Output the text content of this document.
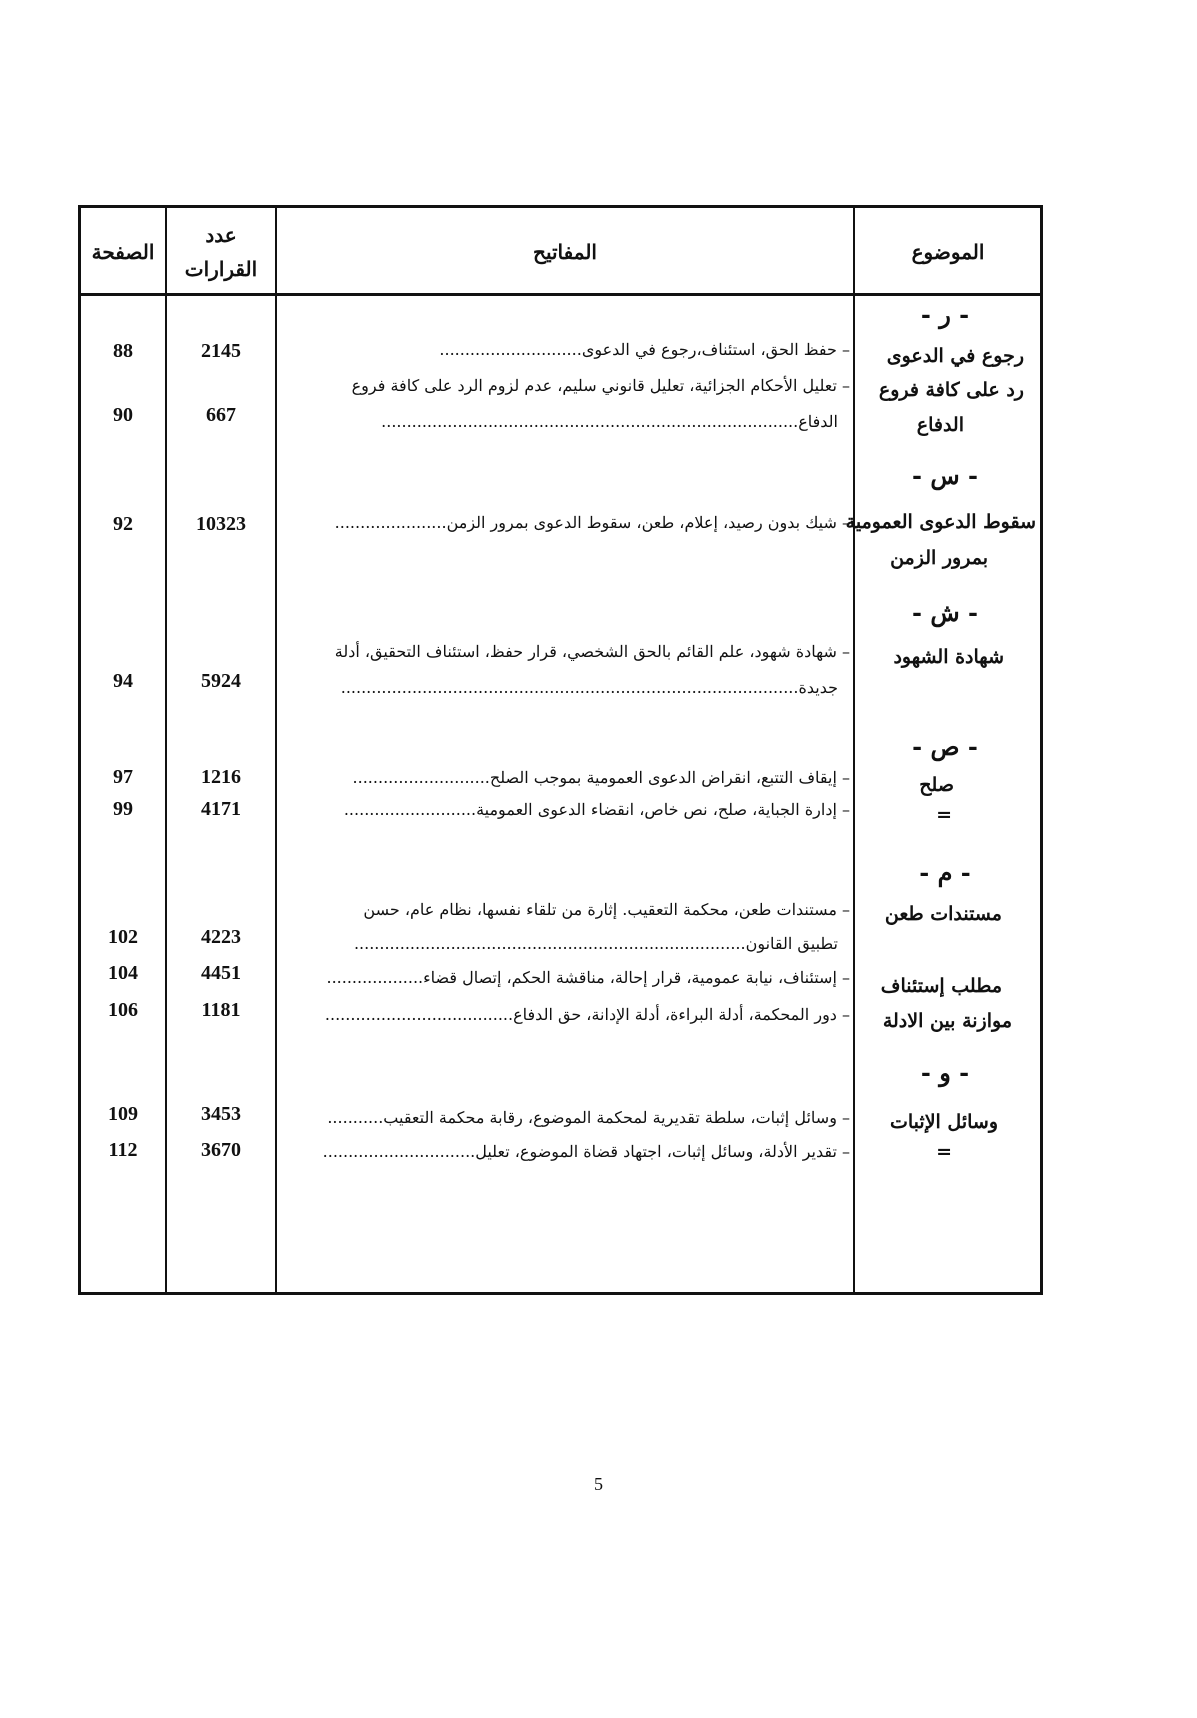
الصفحة
عدد
القرارات
المفاتيح	الموضوع
- ر -
- س -
- ش -
- ص -
- م -
- و -
رجوع في الدعوى
رد على كافة فروع
الدفاع
سقوط الدعوى العمومية
بمرور الزمن
شهادة الشهود
صلح
=
مستندات طعن
مطلب إستئناف
موازنة بين الادلة
وسائل الإثبات
=
– حفظ الحق، استئناف،رجوع في الدعوى............................
– تعليل الأحكام الجزائية، تعليل قانوني سليم، عدم لزوم الرد على كافة فروع
الدفاع..................................................................................
– شيك بدون رصيد، إعلام، طعن، سقوط الدعوى بمرور الزمن......................
– شهادة شهود، علم القائم بالحق الشخصي، قرار حفظ، استئناف التحقيق، أدلة
جديدة..........................................................................................
– إيقاف التتبع، انقراض الدعوى العمومية بموجب الصلح...........................
– إدارة الجباية، صلح، نص خاص، انقضاء الدعوى العمومية..........................
– مستندات طعن، محكمة التعقيب. إثارة من تلقاء نفسها، نظام عام، حسن
تطبيق القانون.............................................................................
– إستئناف، نيابة عمومية، قرار إحالة، مناقشة الحكم، إتصال قضاء...................
– دور المحكمة، أدلة البراءة، أدلة الإدانة، حق الدفاع.....................................
– وسائل إثبات، سلطة تقديرية لمحكمة الموضوع، رقابة محكمة التعقيب...........
– تقدير الأدلة، وسائل إثبات، اجتهاد قضاة الموضوع، تعليل..............................
2145
667
10323
5924
1216
4171
4223
4451
1181
3453
3670
88
90
92
94
97
99
102
104
106
109
112
5
